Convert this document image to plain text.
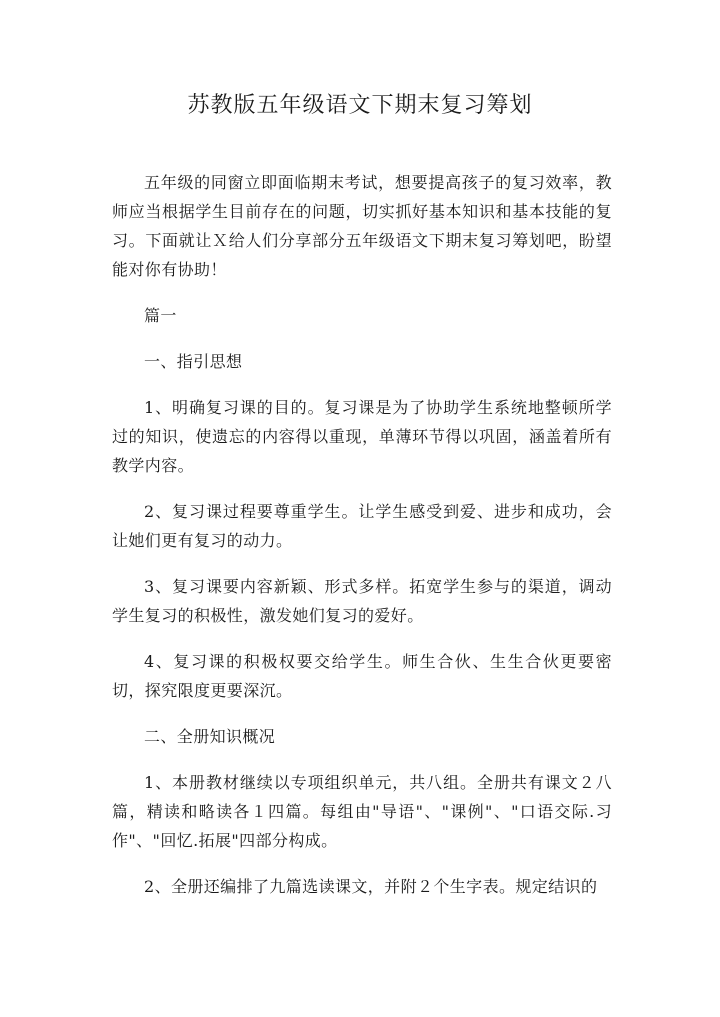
苏教版五年级语文下期末复习筹划

五年级的同窗立即面临期末考试，想要提高孩子的复习效率，教师应当根据学生目前存在的问题，切实抓好基本知识和基本技能的复习。下面就让Ｘ给人们分享部分五年级语文下期末复习筹划吧，盼望能对你有协助！

篇一

一、指引思想

1、明确复习课的目的。复习课是为了协助学生系统地整顿所学过的知识，使遗忘的内容得以重现，单薄环节得以巩固，涵盖着所有教学内容。

2、复习课过程要尊重学生。让学生感受到爱、进步和成功，会让她们更有复习的动力。

3、复习课要内容新颖、形式多样。拓宽学生参与的渠道，调动学生复习的积极性，激发她们复习的爱好。

4、复习课的积极权要交给学生。师生合伙、生生合伙更要密切，探究限度更要深沉。

二、全册知识概况

1、本册教材继续以专项组织单元，共八组。全册共有课文２八篇，精读和略读各１四篇。每组由"导语"、"课例"、"口语交际.习作"、"回忆.拓展"四部分构成。

2、全册还编排了九篇选读课文，并附２个生字表。规定结识的
